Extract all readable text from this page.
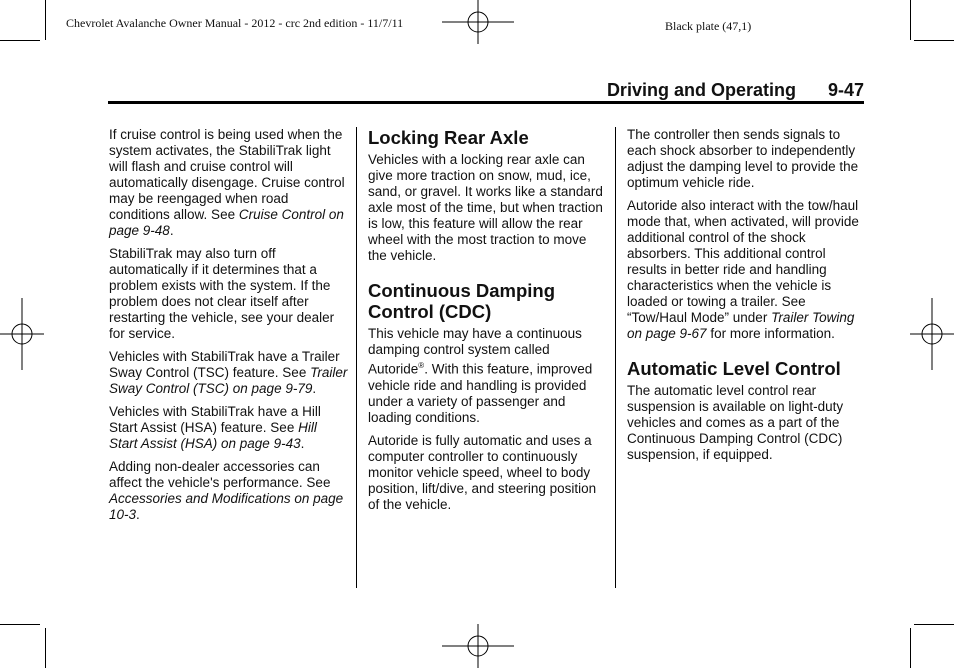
Chevrolet Avalanche Owner Manual - 2012 - crc 2nd edition - 11/7/11	Black plate (47,1)
Driving and Operating 9-47

If cruise control is being used when the system activates, the StabiliTrak light will flash and cruise control will automatically disengage. Cruise control may be reengaged when road conditions allow. See Cruise Control on page 9-48.

StabiliTrak may also turn off automatically if it determines that a problem exists with the system. If the problem does not clear itself after restarting the vehicle, see your dealer for service.

Vehicles with StabiliTrak have a Trailer Sway Control (TSC) feature. See Trailer Sway Control (TSC) on page 9-79.

Vehicles with StabiliTrak have a Hill Start Assist (HSA) feature. See Hill Start Assist (HSA) on page 9-43.

Adding non-dealer accessories can affect the vehicle's performance. See Accessories and Modifications on page 10-3.

Locking Rear Axle

Vehicles with a locking rear axle can give more traction on snow, mud, ice, sand, or gravel. It works like a standard axle most of the time, but when traction is low, this feature will allow the rear wheel with the most traction to move the vehicle.

Continuous Damping Control (CDC)

This vehicle may have a continuous damping control system called Autoride®. With this feature, improved vehicle ride and handling is provided under a variety of passenger and loading conditions.

Autoride is fully automatic and uses a computer controller to continuously monitor vehicle speed, wheel to body position, lift/dive, and steering position of the vehicle.

The controller then sends signals to each shock absorber to independently adjust the damping level to provide the optimum vehicle ride.

Autoride also interact with the tow/haul mode that, when activated, will provide additional control of the shock absorbers. This additional control results in better ride and handling characteristics when the vehicle is loaded or towing a trailer. See “Tow/Haul Mode” under Trailer Towing on page 9-67 for more information.

Automatic Level Control

The automatic level control rear suspension is available on light-duty vehicles and comes as a part of the Continuous Damping Control (CDC) suspension, if equipped.
